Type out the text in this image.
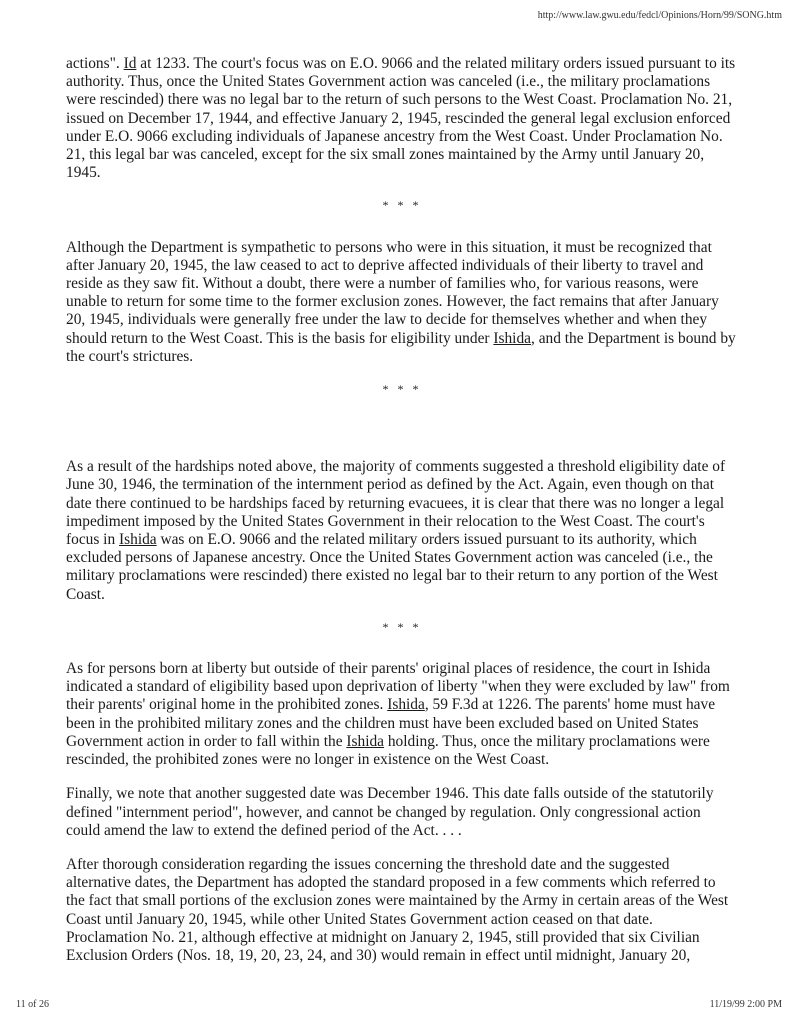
http://www.law.gwu.edu/fedcl/Opinions/Horn/99/SONG.htm

actions". Id at 1233. The court's focus was on E.O. 9066 and the related military orders issued pursuant to its authority. Thus, once the United States Government action was canceled (i.e., the military proclamations were rescinded) there was no legal bar to the return of such persons to the West Coast. Proclamation No. 21, issued on December 17, 1944, and effective January 2, 1945, rescinded the general legal exclusion enforced under E.O. 9066 excluding individuals of Japanese ancestry from the West Coast. Under Proclamation No. 21, this legal bar was canceled, except for the six small zones maintained by the Army until January 20, 1945.

* * *

Although the Department is sympathetic to persons who were in this situation, it must be recognized that after January 20, 1945, the law ceased to act to deprive affected individuals of their liberty to travel and reside as they saw fit. Without a doubt, there were a number of families who, for various reasons, were unable to return for some time to the former exclusion zones. However, the fact remains that after January 20, 1945, individuals were generally free under the law to decide for themselves whether and when they should return to the West Coast. This is the basis for eligibility under Ishida, and the Department is bound by the court's strictures.

* * *

As a result of the hardships noted above, the majority of comments suggested a threshold eligibility date of June 30, 1946, the termination of the internment period as defined by the Act. Again, even though on that date there continued to be hardships faced by returning evacuees, it is clear that there was no longer a legal impediment imposed by the United States Government in their relocation to the West Coast. The court's focus in Ishida was on E.O. 9066 and the related military orders issued pursuant to its authority, which excluded persons of Japanese ancestry. Once the United States Government action was canceled (i.e., the military proclamations were rescinded) there existed no legal bar to their return to any portion of the West Coast.

* * *

As for persons born at liberty but outside of their parents' original places of residence, the court in Ishida indicated a standard of eligibility based upon deprivation of liberty "when they were excluded by law" from their parents' original home in the prohibited zones. Ishida, 59 F.3d at 1226. The parents' home must have been in the prohibited military zones and the children must have been excluded based on United States Government action in order to fall within the Ishida holding. Thus, once the military proclamations were rescinded, the prohibited zones were no longer in existence on the West Coast.

Finally, we note that another suggested date was December 1946. This date falls outside of the statutorily defined "internment period", however, and cannot be changed by regulation. Only congressional action could amend the law to extend the defined period of the Act. . . .

After thorough consideration regarding the issues concerning the threshold date and the suggested alternative dates, the Department has adopted the standard proposed in a few comments which referred to the fact that small portions of the exclusion zones were maintained by the Army in certain areas of the West Coast until January 20, 1945, while other United States Government action ceased on that date. Proclamation No. 21, although effective at midnight on January 2, 1945, still provided that six Civilian Exclusion Orders (Nos. 18, 19, 20, 23, 24, and 30) would remain in effect until midnight, January 20,

11 of 26	11/19/99 2:00 PM
